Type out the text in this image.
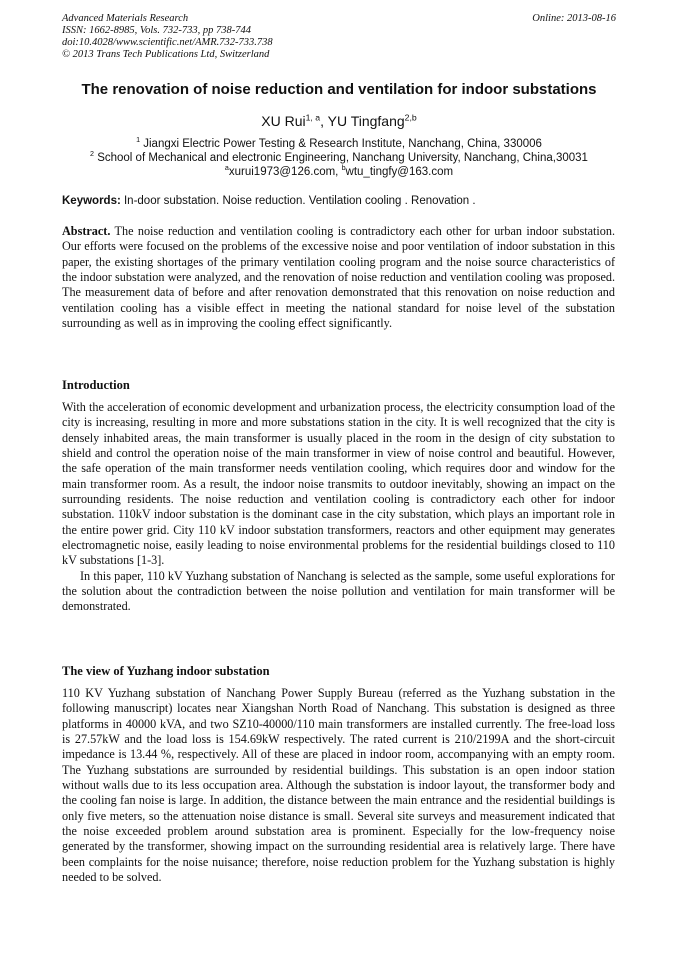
Advanced Materials Research
ISSN: 1662-8985, Vols. 732-733, pp 738-744
doi:10.4028/www.scientific.net/AMR.732-733.738
© 2013 Trans Tech Publications Ltd, Switzerland
Online: 2013-08-16
The renovation of noise reduction and ventilation for indoor substations
XU Rui$^{1, a}$, YU Tingfang$^{2,b}$
$^1$ Jiangxi Electric Power Testing & Research Institute, Nanchang, China, 330006
$^2$ School of Mechanical and electronic Engineering, Nanchang University, Nanchang, China,30031
$^a$xurui1973@126.com, $^b$wtu_tingfy@163.com
Keywords: In-door substation. Noise reduction. Ventilation cooling . Renovation .

Abstract. The noise reduction and ventilation cooling is contradictory each other for urban indoor substation. Our efforts were focused on the problems of the excessive noise and poor ventilation of indoor substation in this paper, the existing shortages of the primary ventilation cooling program and the noise source characteristics of the indoor substation were analyzed, and the renovation of noise reduction and ventilation cooling was proposed. The measurement data of before and after renovation demonstrated that this renovation on noise reduction and ventilation cooling has a visible effect in meeting the national standard for noise level of the substation surrounding as well as in improving the cooling effect significantly.

Introduction

With the acceleration of economic development and urbanization process, the electricity consumption load of the city is increasing, resulting in more and more substations station in the city. It is well recognized that the city is densely inhabited areas, the main transformer is usually placed in the room in the design of city substation to shield and control the operation noise of the main transformer in view of noise control and beautiful. However, the safe operation of the main transformer needs ventilation cooling, which requires door and window for the main transformer room. As a result, the indoor noise transmits to outdoor inevitably, showing an impact on the surrounding residents. The noise reduction and ventilation cooling is contradictory each other for indoor substation. 110kV indoor substation is the dominant case in the city substation, which plays an important role in the entire power grid. City 110 kV indoor substation transformers, reactors and other equipment may generates electromagnetic noise, easily leading to noise environmental problems for the residential buildings closed to 110 kV substations [1-3].

In this paper, 110 kV Yuzhang substation of Nanchang is selected as the sample, some useful explorations for the solution about the contradiction between the noise pollution and ventilation for main transformer will be demonstrated.

The view of Yuzhang indoor substation

110 KV Yuzhang substation of Nanchang Power Supply Bureau (referred as the Yuzhang substation in the following manuscript) locates near Xiangshan North Road of Nanchang. This substation is designed as three platforms in 40000 kVA, and two SZ10-40000/110 main transformers are installed currently. The free-load loss is 27.57kW and the load loss is 154.69kW respectively. The rated current is 210/2199A and the short-circuit impedance is 13.44 %, respectively. All of these are placed in indoor room, accompanying with an empty room. The Yuzhang substations are surrounded by residential buildings. This substation is an open indoor station without walls due to its less occupation area. Although the substation is indoor layout, the transformer body and the cooling fan noise is large. In addition, the distance between the main entrance and the residential buildings is only five meters, so the attenuation noise distance is small. Several site surveys and measurement indicated that the noise exceeded problem around substation area is prominent. Especially for the low-frequency noise generated by the transformer, showing impact on the surrounding residential area is relatively large. There have been complaints for the noise nuisance; therefore, noise reduction problem for the Yuzhang substation is highly needed to be solved.
